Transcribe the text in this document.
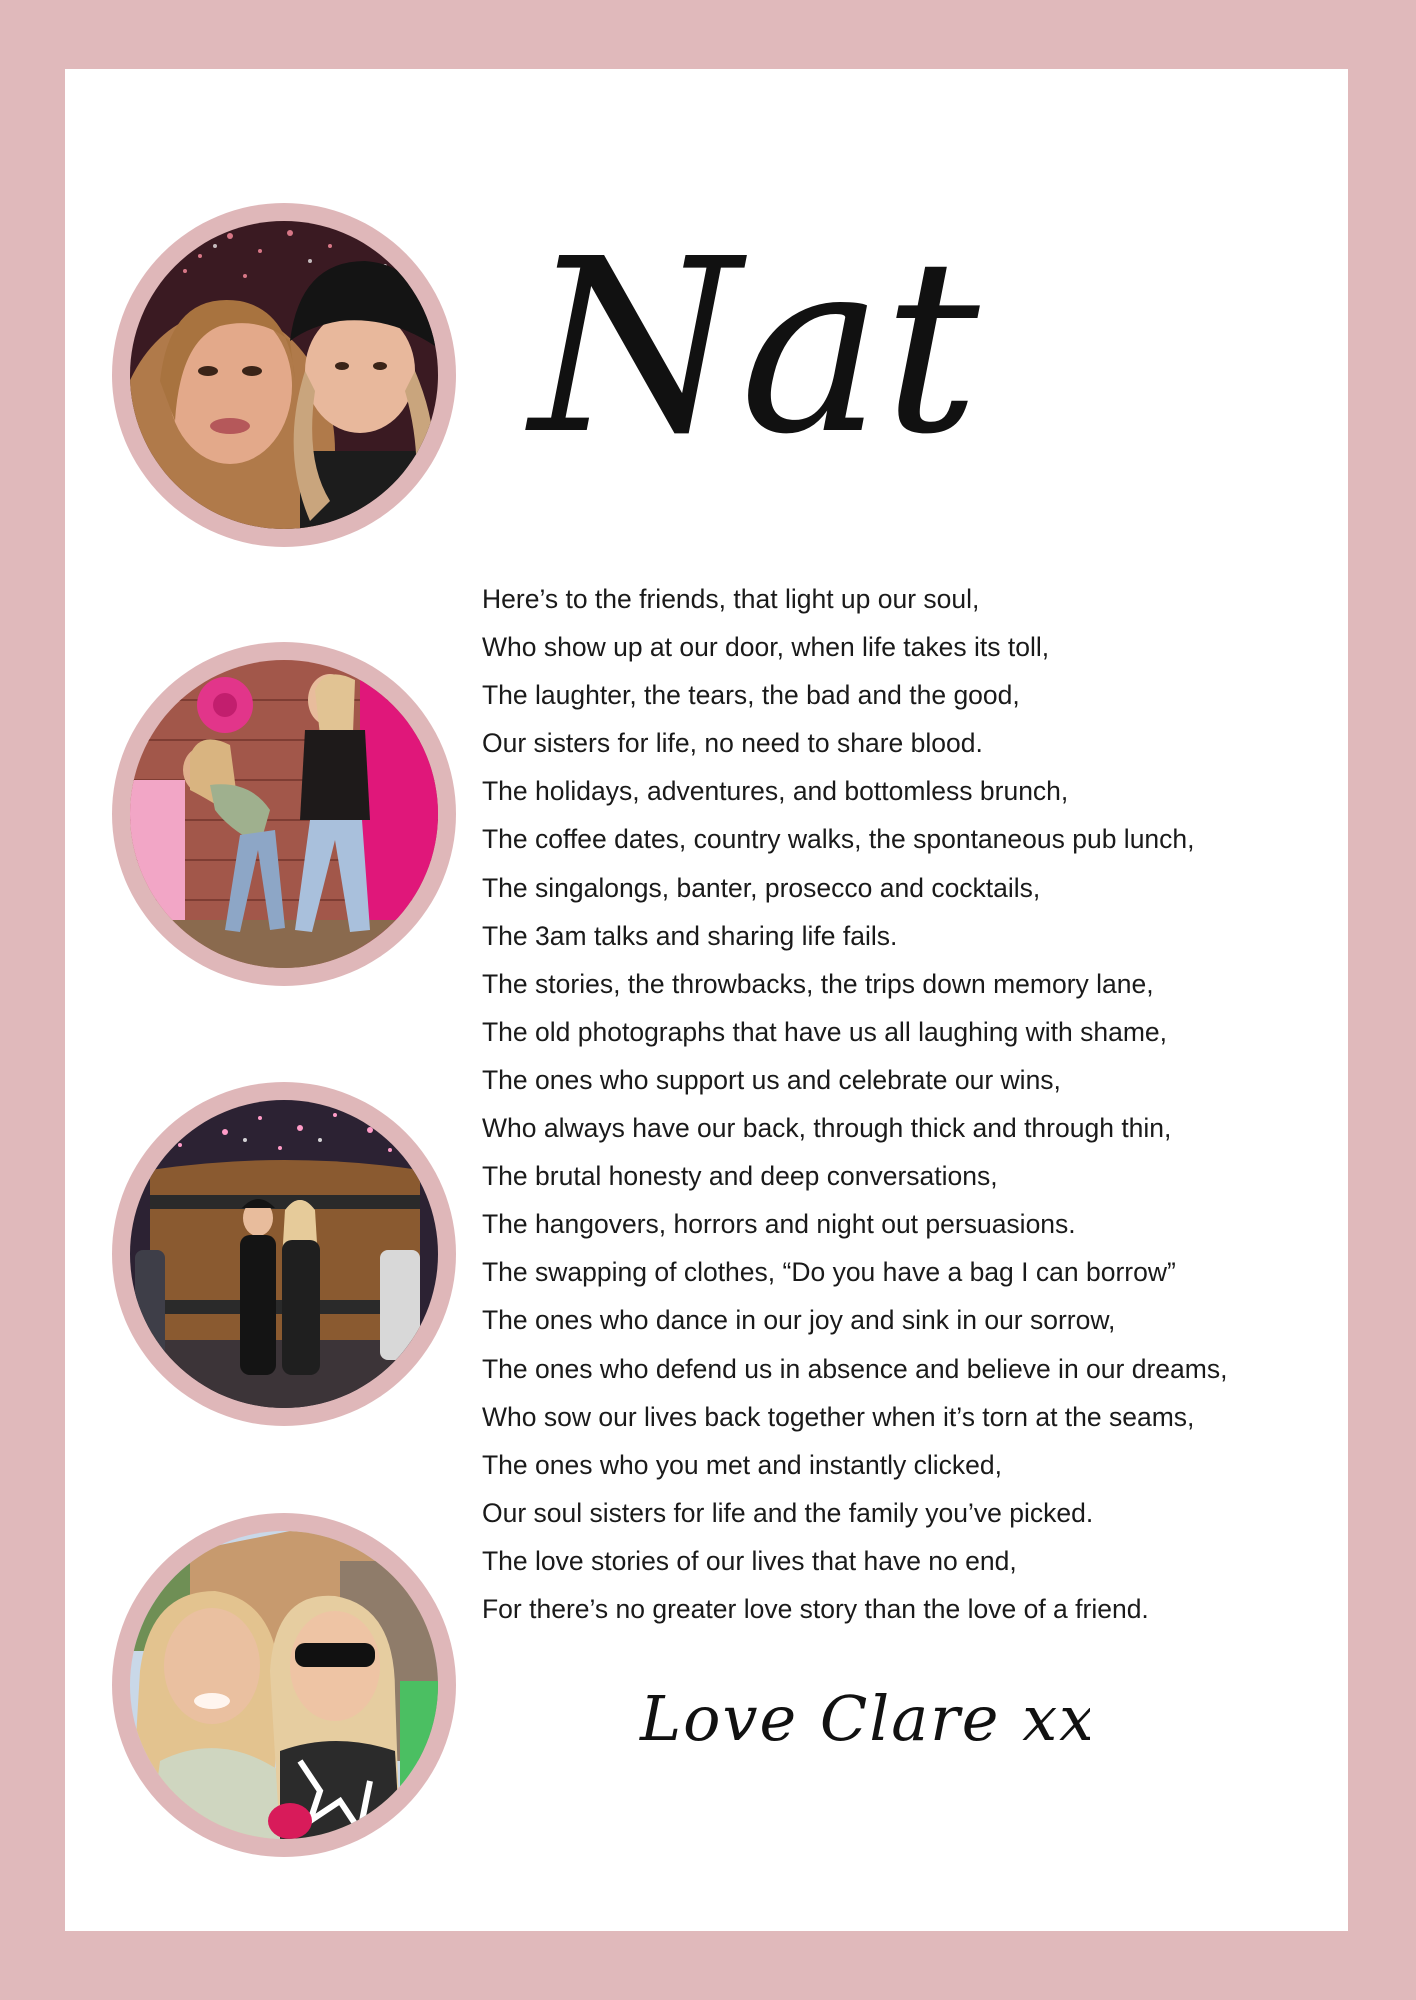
Nat
Here’s to the friends, that light up our soul,
Who show up at our door, when life takes its toll,
The laughter, the tears, the bad and the good,
Our sisters for life, no need to share blood.
The holidays, adventures, and bottomless brunch,
The coffee dates, country walks, the spontaneous pub lunch,
The singalongs, banter, prosecco and cocktails,
The 3am talks and sharing life fails.
The stories, the throwbacks, the trips down memory lane,
The old photographs that have us all laughing with shame,
The ones who support us and celebrate our wins,
Who always have our back, through thick and through thin,
The brutal honesty and deep conversations,
The hangovers, horrors and night out persuasions.
The swapping of clothes, “Do you have a bag I can borrow”
The ones who dance in our joy and sink in our sorrow,
The ones who defend us in absence and believe in our dreams,
Who sow our lives back together when it’s torn at the seams,
The ones who you met and instantly clicked,
Our soul sisters for life and the family you’ve picked.
The love stories of our lives that have no end,
For there’s no greater love story than the love of a friend.
Love Clare xxx
